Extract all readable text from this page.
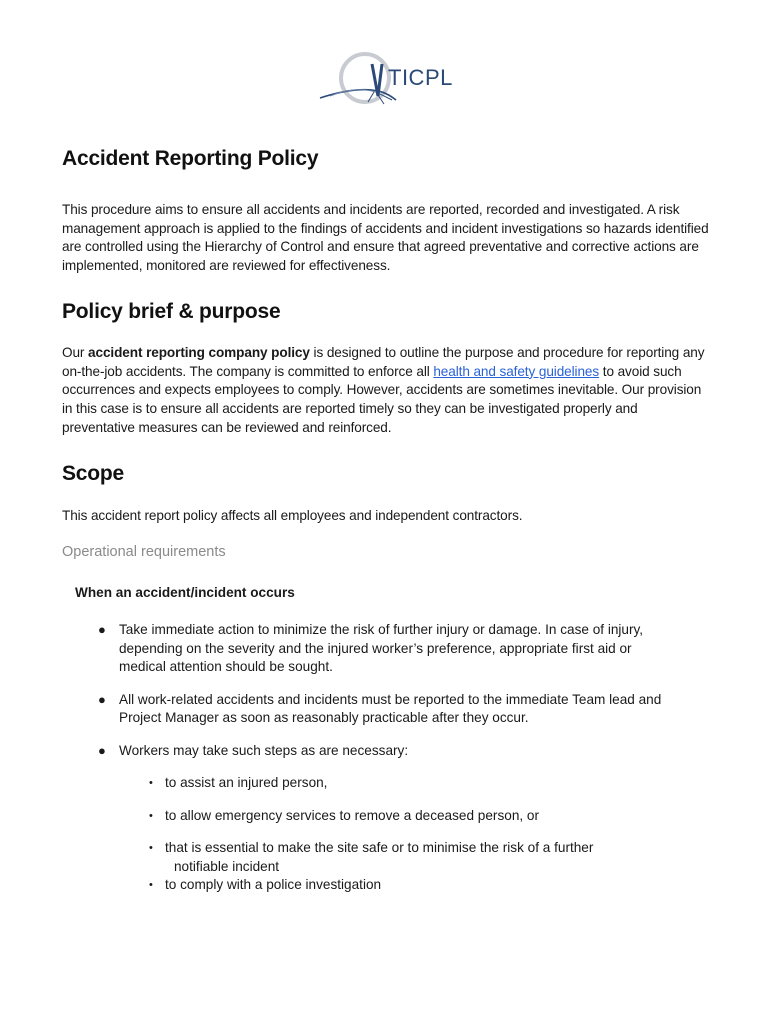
TICPL
Accident Reporting Policy

This procedure aims to ensure all accidents and incidents are reported, recorded and investigated. A risk management approach is applied to the findings of accidents and incident investigations so hazards identified are controlled using the Hierarchy of Control and ensure that agreed preventative and corrective actions are implemented, monitored are reviewed for effectiveness.

Policy brief & purpose

Our accident reporting company policy is designed to outline the purpose and procedure for reporting any on-the-job accidents. The company is committed to enforce all health and safety guidelines to avoid such occurrences and expects employees to comply. However, accidents are sometimes inevitable. Our provision in this case is to ensure all accidents are reported timely so they can be investigated properly and preventative measures can be reviewed and reinforced.

Scope

This accident report policy affects all employees and independent contractors.

Operational requirements
When an accident/incident occurs
● Take immediate action to minimize the risk of further injury or damage. In case of injury, depending on the severity and the injured worker’s preference, appropriate first aid or medical attention should be sought.
● All work-related accidents and incidents must be reported to the immediate Team lead and Project Manager as soon as reasonably practicable after they occur.
● Workers may take such steps as are necessary:
• to assist an injured person,
• to allow emergency services to remove a deceased person, or
• that is essential to make the site safe or to minimise the risk of a further
notifiable incident
• to comply with a police investigation
